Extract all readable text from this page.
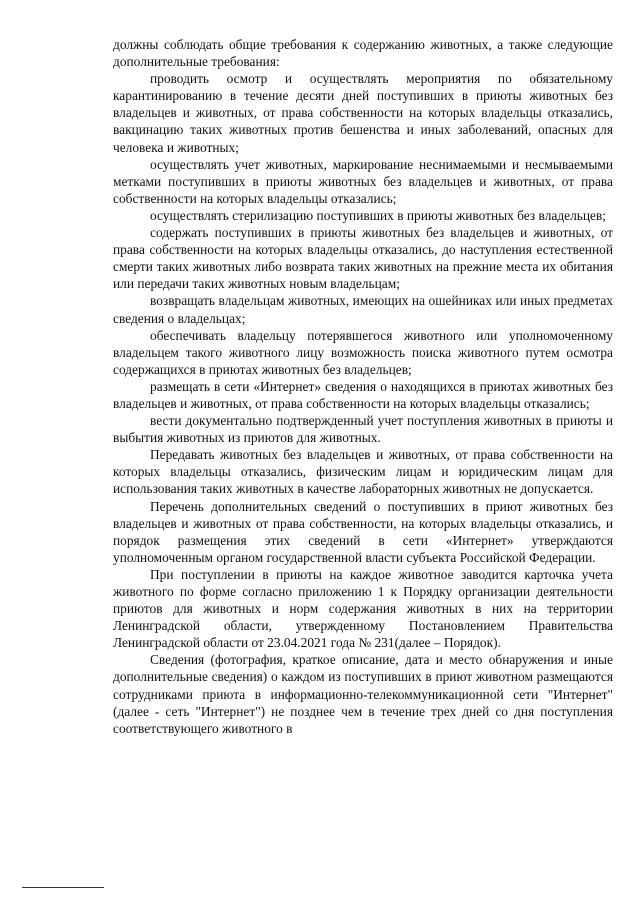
должны соблюдать общие требования к содержанию животных, а также следующие дополнительные требования:

проводить осмотр и осуществлять мероприятия по обязательному карантинированию в течение десяти дней поступивших в приюты животных без владельцев и животных, от права собственности на которых владельцы отказались, вакцинацию таких животных против бешенства и иных заболеваний, опасных для человека и животных;

осуществлять учет животных, маркирование неснимаемыми и несмываемыми метками поступивших в приюты животных без владельцев и животных, от права собственности на которых владельцы отказались;

осуществлять стерилизацию поступивших в приюты животных без владельцев;

содержать поступивших в приюты животных без владельцев и животных, от права собственности на которых владельцы отказались, до наступления естественной смерти таких животных либо возврата таких животных на прежние места их обитания или передачи таких животных новым владельцам;

возвращать владельцам животных, имеющих на ошейниках или иных предметах сведения о владельцах;

обеспечивать владельцу потерявшегося животного или уполномоченному владельцем такого животного лицу возможность поиска животного путем осмотра содержащихся в приютах животных без владельцев;

размещать в сети «Интернет» сведения о находящихся в приютах животных без владельцев и животных, от права собственности на которых владельцы отказались;

вести документально подтвержденный учет поступления животных в приюты и выбытия животных из приютов для животных.

Передавать животных без владельцев и животных, от права собственности на которых владельцы отказались, физическим лицам и юридическим лицам для использования таких животных в качестве лабораторных животных не допускается.

Перечень дополнительных сведений о поступивших в приют животных без владельцев и животных от права собственности, на которых владельцы отказались, и порядок размещения этих сведений в сети «Интернет» утверждаются уполномоченным органом государственной власти субъекта Российской Федерации.

При поступлении в приюты на каждое животное заводится карточка учета животного по форме согласно приложению 1 к Порядку организации деятельности приютов для животных и норм содержания животных в них на территории Ленинградской области, утвержденному Постановлением Правительства Ленинградской области от 23.04.2021 года № 231(далее – Порядок).

Сведения (фотография, краткое описание, дата и место обнаружения и иные дополнительные сведения) о каждом из поступивших в приют животном размещаются сотрудниками приюта в информационно-телекоммуникационной сети "Интернет" (далее - сеть "Интернет") не позднее чем в течение трех дней со дня поступления соответствующего животного в
